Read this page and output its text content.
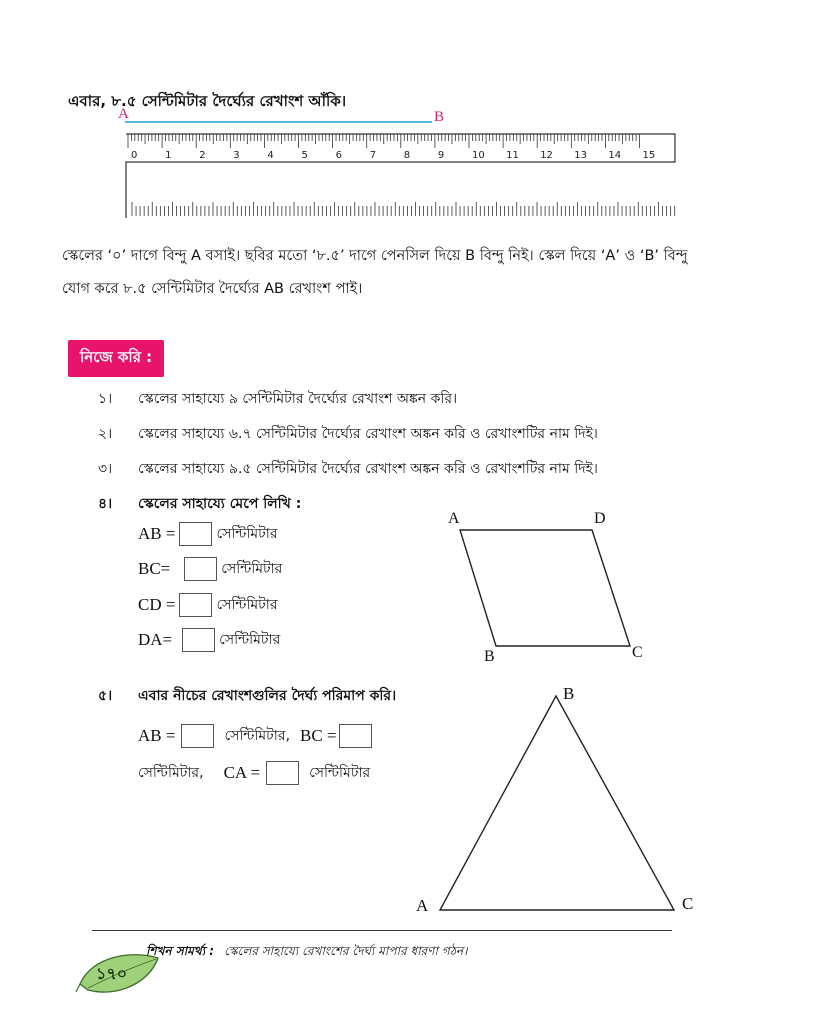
এবার, ৮.৫ সেন্টিমিটার দৈর্ঘ্যের রেখাংশ আঁকি।
0	1	2	3	4	5	6	7	8	9	10 11 12 13 14 15
A	B
স্কেলের ‘০’ দাগে বিন্দু A বসাই। ছবির মতো ‘৮.৫’ দাগে পেনসিল দিয়ে B বিন্দু নিই। স্কেল দিয়ে ‘A’ ও ‘B’ বিন্দু
যোগ করে ৮.৫ সেন্টিমিটার দৈর্ঘ্যের AB রেখাংশ পাই।
নিজে করি :
১। স্কেলের সাহায্যে ৯ সেন্টিমিটার দৈর্ঘ্যের রেখাংশ অঙ্কন করি।
২। স্কেলের সাহায্যে ৬.৭ সেন্টিমিটার দৈর্ঘ্যের রেখাংশ অঙ্কন করি ও রেখাংশটির নাম দিই।
৩। স্কেলের সাহায্যে ৯.৫ সেন্টিমিটার দৈর্ঘ্যের রেখাংশ অঙ্কন করি ও রেখাংশটির নাম দিই।
৪। স্কেলের সাহায্যে মেপে লিখি :
AB =	সেন্টিমিটার
BC=	সেন্টিমিটার
CD =	সেন্টিমিটার
DA=	সেন্টিমিটার
A	D
B	C
৫। এবার নীচের রেখাংশগুলির দৈর্ঘ্য পরিমাপ করি।
AB =	সেন্টিমিটার, BC =
সেন্টিমিটার, CA =	সেন্টিমিটার
B
A	C
১৭০
শিখন সামর্থ্য : স্কেলের সাহায্যে রেখাংশের দৈর্ঘ্য মাপার ধারণা গঠন।
